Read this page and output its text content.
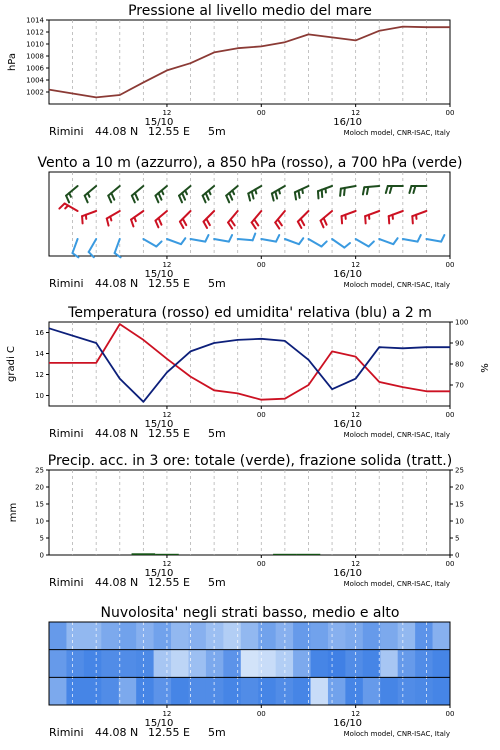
Pressione al livello medio del mare
1002
1004
1006
1008
1010
1012
1014
hPa
12	00	12	00
15/10	16/10
Rimini 44.08 N 12.55 E 5m	Moloch model, CNR-ISAC, Italy
Vento a 10 m (azzurro), a 850 hPa (rosso), a 700 hPa (verde)
12	00	12	00
15/10	16/10
Rimini 44.08 N 12.55 E 5m	Moloch model, CNR-ISAC, Italy
Temperatura (rosso) ed umidita' relativa (blu) a 2 m
10
12
14
16
70
80
90
100
gradi C	%
12	00	12	00
15/10	16/10
Rimini 44.08 N 12.55 E 5m	Moloch model, CNR-ISAC, Italy
Precip. acc. in 3 ore: totale (verde), frazione solida (tratt.)
0
5
10
15
20
25
0
5
10
15
20
25
mm
12	00	12	00
15/10	16/10
Rimini 44.08 N 12.55 E 5m	Moloch model, CNR-ISAC, Italy
Nuvolosita' negli strati basso, medio e alto
12	00	12	00
15/10	16/10
Rimini 44.08 N 12.55 E 5m	Moloch model, CNR-ISAC, Italy
